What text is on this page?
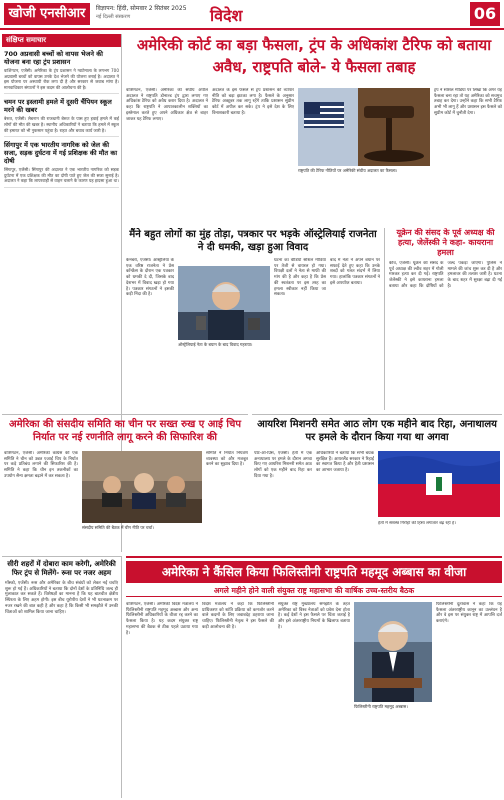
खोजी एनसीआर	विज्ञापन: हिंदी, सोमवार 2 सितंबर 2025
नई दिल्ली संस्करण	विदेश	06
संक्षिप्त समाचार
700 अप्रवासी बच्चों को वापस भेजने की योजना बना रहा ट्रंप प्रशासन
वाशिंगटन, एजेंसी। अमेरिका के ट्रंप प्रशासन ने ग्वाटेमाला के लगभग 700 अप्रवासी बच्चों को वापस उनके देश भेजने की योजना बनाई है। अदालत ने इस योजना पर अस्थायी रोक लगा दी है और सरकार से जवाब मांगा है। मानवाधिकार संगठनों ने इस कदम की आलोचना की है।
चमन पर इस्लामी हमले में दूसरी चैंपियन स्कूल मरने की खबर
बेरूत, एजेंसी। लेबनान की राजधानी बेरूत के पास हुए हवाई हमले में कई लोगों की मौत की खबर है। स्थानीय अधिकारियों ने बताया कि हमले में स्कूल की इमारत को भी नुकसान पहुंचा है। राहत और बचाव कार्य जारी है।
सिंगापुर में एक भारतीय नागरिक को जेल की सजा, सड़क दुर्घटना में गई प्रशिक्षक की मौत का दोषी
सिंगापुर, एजेंसी। सिंगापुर की अदालत ने एक भारतीय नागरिक को सड़क दुर्घटना में एक प्रशिक्षक की मौत का दोषी पाते हुए जेल की सजा सुनाई है। अदालत ने कहा कि लापरवाही से वाहन चलाने के कारण यह हादसा हुआ था।
अमेरिकी कोर्ट का बड़ा फैसला, ट्रंप के अधिकांश टैरिफ को बताया अवैध, राष्ट्रपति बोले- ये फैसला तबाह
वाशिंगटन, एजेंसी। अमेरिका की संघीय अपील अदालत ने राष्ट्रपति डोनाल्ड ट्रंप द्वारा लगाए गए अधिकांश टैरिफ को अवैध करार दिया है। अदालत ने कहा कि राष्ट्रपति ने आपातकालीन शक्तियों का इस्तेमाल करते हुए अपने अधिकार क्षेत्र से बाहर जाकर यह टैरिफ लगाए।
अदालत के इस फैसले से ट्रंप प्रशासन की व्यापार नीति को बड़ा झटका लगा है। फैसले के अनुसार टैरिफ अक्टूबर तक लागू रहेंगे ताकि प्रशासन सुप्रीम कोर्ट में अपील कर सके। ट्रंप ने इसे देश के लिए विनाशकारी बताया है।
राष्ट्रपति की टैरिफ नीतियों पर अमेरिकी संघीय अदालत का फैसला।
ट्रंप ने सोशल मीडिया पर लिखा कि अगर यह फैसला बना रहा तो यह अमेरिका को सचमुच तबाह कर देगा। उन्होंने कहा कि सभी टैरिफ अभी भी लागू हैं और प्रशासन इस फैसले को सुप्रीम कोर्ट में चुनौती देगा।
मैंने बहुत लोगों का मुंह तोड़ा, पत्रकार पर भड़के ऑस्ट्रेलियाई राजनेता ने दी धमकी, खड़ा हुआ विवाद
कैनबरा, एजेंसी। ऑस्ट्रेलिया के एक वरिष्ठ राजनेता ने प्रेस कॉन्फ्रेंस के दौरान एक पत्रकार को धमकी दे दी, जिसके बाद देशभर में विवाद खड़ा हो गया है। पत्रकार संगठनों ने इसकी कड़ी निंदा की है।
ऑस्ट्रेलियाई नेता के बयान के बाद विवाद गहराया।
घटना का वीडियो सोशल मीडिया पर तेजी से वायरल हो गया। विपक्षी दलों ने नेता से माफी की मांग की है और कहा है कि प्रेस की स्वतंत्रता पर इस तरह का हमला स्वीकार नहीं किया जा सकता।
बाद में नेता ने अपने बयान पर सफाई देते हुए कहा कि उनके शब्दों को गलत संदर्भ में लिया गया। हालांकि पत्रकार संगठनों ने इसे अपर्याप्त बताया।
यूक्रेन की संसद के पूर्व अध्यक्ष की हत्या, जेलेंस्की ने कहा- कायराना हमला
कीव, एजेंसी। यूक्रेन की संसद के पूर्व अध्यक्ष की ल्वीव शहर में गोली मारकर हत्या कर दी गई। राष्ट्रपति जेलेंस्की ने इसे कायराना हमला बताया और कहा कि दोषियों को जल्द पकड़ा जाएगा। पुलिस ने मामले की जांच शुरू कर दी है और हमलावर की तलाश जारी है। घटना के बाद शहर में सुरक्षा बढ़ा दी गई है।
अमेरिका की संसदीय समिति का चीन पर सख्त रुख ए आई चिप निर्यात पर नई रणनीति लागू करने की सिफारिश की
वाशिंगटन, एजेंसी। अमेरिकी कांग्रेस की एक समिति ने चीन को उन्नत एआई चिप के निर्यात पर कड़े प्रतिबंध लगाने की सिफारिश की है। समिति ने कहा कि चीन इन तकनीकों का उपयोग सैन्य क्षमता बढ़ाने में कर सकता है।
संसदीय समिति की बैठक में चीन नीति पर चर्चा।
समिति ने निर्यात नियंत्रण व्यवस्था को और मजबूत करने का सुझाव दिया है।
आयरिश मिशनरी समेत आठ लोग एक महीने बाद रिहा, अनाथालय पर हमले के दौरान किया गया था अगवा
पोर्ट-ओ-प्रिंस, एजेंसी। हैती में एक अनाथालय पर हमले के दौरान अगवा किए गए आयरिश मिशनरी समेत आठ लोगों को एक महीने बाद रिहा कर दिया गया है।
अधिकारियों ने बताया कि सभी बंधक सुरक्षित हैं। आयरलैंड सरकार ने रिहाई का स्वागत किया है और हैती प्रशासन का आभार जताया है।
हैती में सशस्त्र गिरोहों की हिंसा लगातार बढ़ रही है।
सीरी शहरों में दोबारा काम करेगी, अमेरिकी फिर ट्रंप से मिलेंगे- रूस पर नजर अहम
मॉस्को, एजेंसी। रूस और अमेरिका के बीच संबंधों को लेकर नई चर्चाएं शुरू हो गई हैं। अधिकारियों ने बताया कि दोनों देशों के प्रतिनिधि जल्द ही मुलाकात कर सकते हैं। विशेषज्ञों का मानना है कि यह बातचीत क्षेत्रीय स्थिरता के लिए अहम होगी। इस बीच यूरोपीय देशों ने भी घटनाक्रम पर नजर रखने की बात कही है और कहा है कि किसी भी समझौते में उनकी चिंताओं को शामिल किया जाना चाहिए।
अमेरिका ने कैंसिल किया फिलिस्तीनी राष्ट्रपति महमूद अब्बास का वीजा
अगले महीने होने वाली संयुक्त राष्ट्र महासभा की वार्षिक उच्च-स्तरीय बैठक
वाशिंगटन, एजेंसी। अमेरिकी विदेश मंत्रालय ने फिलिस्तीनी राष्ट्रपति महमूद अब्बास और अन्य फिलिस्तीनी अधिकारियों के वीजा रद्द करने का फैसला किया है। यह कदम संयुक्त राष्ट्र महासभा की बैठक से ठीक पहले उठाया गया है।
विदेश मंत्रालय ने कहा कि फिलिस्तीनी प्राधिकरण को शांति प्रक्रिया को कमजोर करने वाले कदमों के लिए जवाबदेह ठहराया जाना चाहिए। फिलिस्तीनी नेतृत्व ने इस फैसले की कड़ी आलोचना की है।
संयुक्त राष्ट्र मुख्यालय समझौते के तहत अमेरिका को विश्व नेताओं को प्रवेश देना होता है। कई देशों ने इस फैसले पर चिंता जताई है और इसे अंतरराष्ट्रीय नियमों के खिलाफ बताया है।
फिलिस्तीनी राष्ट्रपति महमूद अब्बास।
फिलिस्तीनी दूतावास ने कहा कि यह फैसला अंतरराष्ट्रीय कानून का उल्लंघन है और वे इस पर संयुक्त राष्ट्र में आपत्ति दर्ज कराएंगे।
